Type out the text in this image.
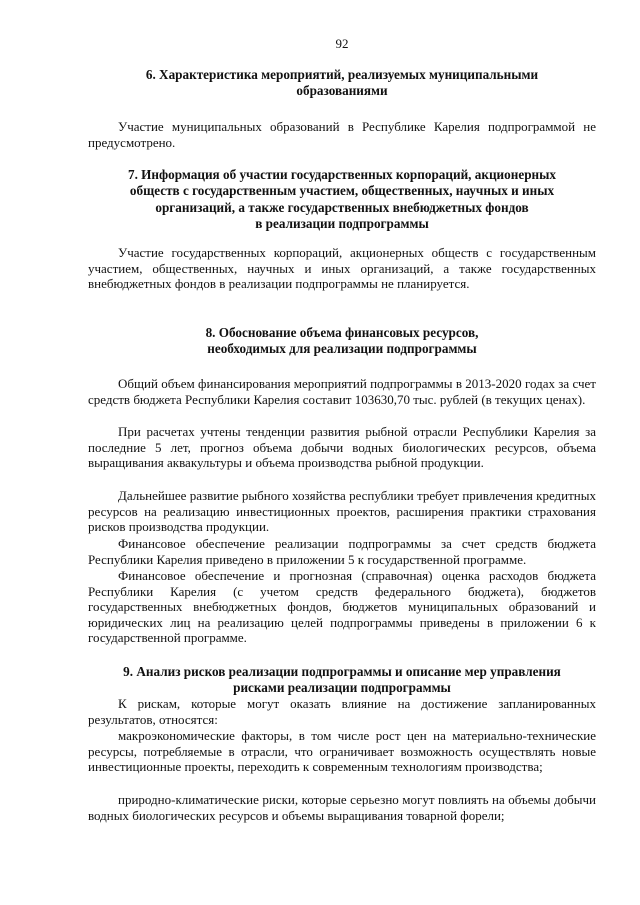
92
6. Характеристика мероприятий, реализуемых муниципальными
образованиями

Участие муниципальных образований в Республике Карелия подпрограммой не предусмотрено.

7. Информация об участии государственных корпораций, акционерных
обществ с государственным участием, общественных, научных и иных
организаций, а также государственных внебюджетных фондов
в реализации подпрограммы

Участие государственных корпораций, акционерных обществ с государственным участием, общественных, научных и иных организаций, а также государственных внебюджетных фондов в реализации подпрограммы не планируется.

8. Обоснование объема финансовых ресурсов,
необходимых для реализации подпрограммы

Общий объем финансирования мероприятий подпрограммы в 2013-2020 годах за счет средств бюджета Республики Карелия составит 103630,70 тыс. рублей (в текущих ценах).

При расчетах учтены тенденции развития рыбной отрасли Республики Карелия за последние 5 лет, прогноз объема добычи водных биологических ресурсов, объема выращивания аквакультуры и объема производства рыбной продукции.

Дальнейшее развитие рыбного хозяйства республики требует привлечения кредитных ресурсов на реализацию инвестиционных проектов, расширения практики страхования рисков производства продукции.

Финансовое обеспечение реализации подпрограммы за счет средств бюджета Республики Карелия приведено в приложении 5 к государственной программе.

Финансовое обеспечение и прогнозная (справочная) оценка расходов бюджета Республики Карелия (с учетом средств федерального бюджета), бюджетов государственных внебюджетных фондов, бюджетов муниципальных образований и юридических лиц на реализацию целей подпрограммы приведены в приложении 6 к государственной программе.

9. Анализ рисков реализации подпрограммы и описание мер управления
рисками реализации подпрограммы

К рискам, которые могут оказать влияние на достижение запланированных результатов, относятся:

макроэкономические факторы, в том числе рост цен на материально-технические ресурсы, потребляемые в отрасли, что ограничивает возможность осуществлять новые инвестиционные проекты, переходить к современным технологиям производства;

природно-климатические риски, которые серьезно могут повлиять на объемы добычи водных биологических ресурсов и объемы выращивания товарной форели;
